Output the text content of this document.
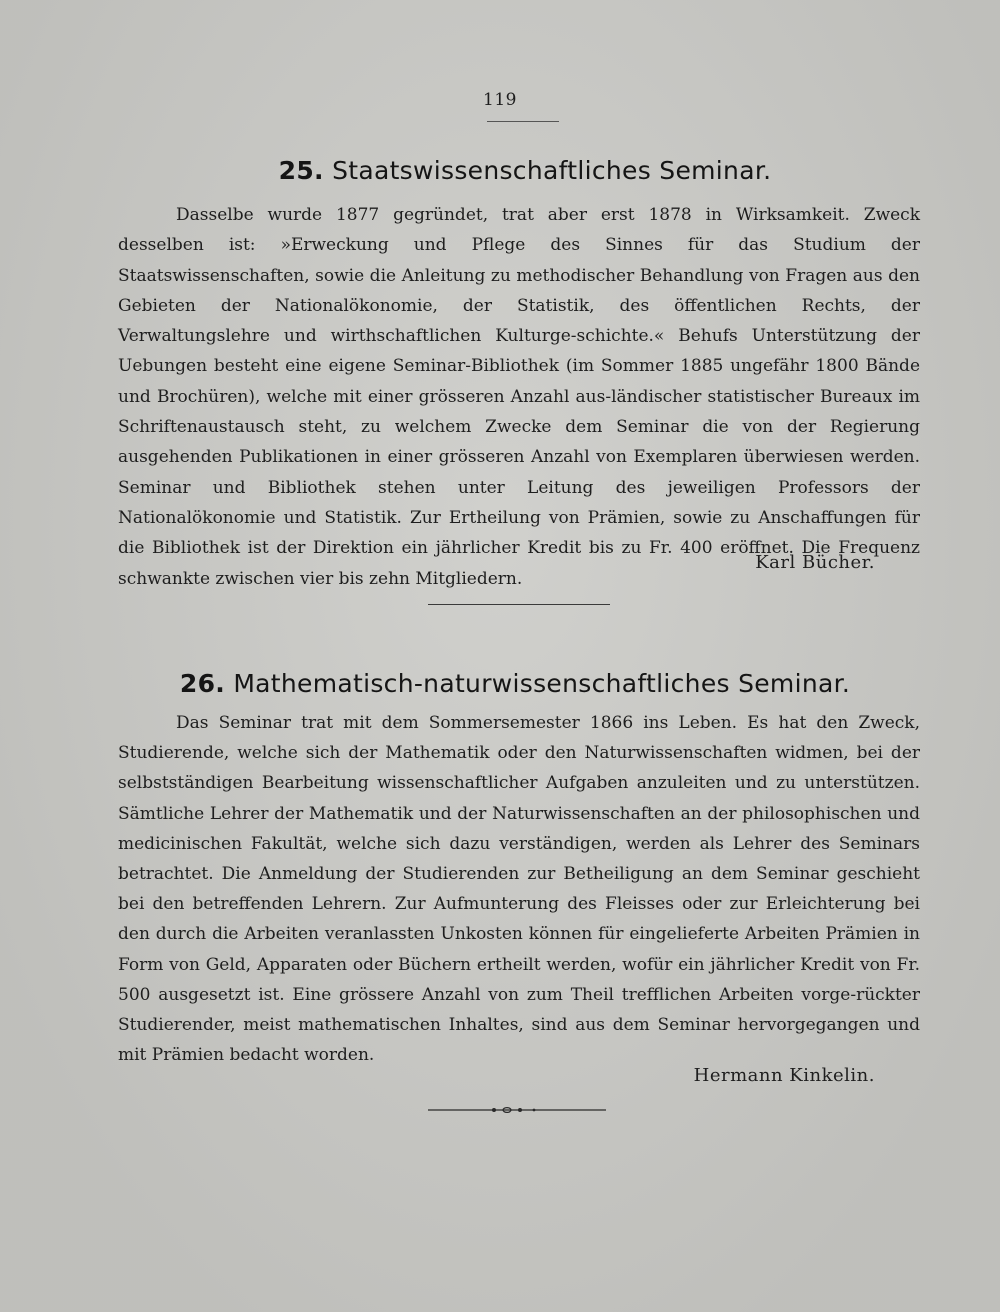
119
25. Staatswissenschaftliches Seminar.

Dasselbe wurde 1877 gegründet, trat aber erst 1878 in Wirksamkeit. Zweck desselben ist: »Erweckung und Pflege des Sinnes für das Studium der Staatswissenschaften, sowie die Anleitung zu methodischer Behandlung von Fragen aus den Gebieten der Nationalökonomie, der Statistik, des öffentlichen Rechts, der Verwaltungslehre und wirthschaftlichen Kulturge-schichte.« Behufs Unterstützung der Uebungen besteht eine eigene Seminar-Bibliothek (im Sommer 1885 ungefähr 1800 Bände und Brochüren), welche mit einer grösseren Anzahl aus-ländischer statistischer Bureaux im Schriftenaustausch steht, zu welchem Zwecke dem Seminar die von der Regierung ausgehenden Publikationen in einer grösseren Anzahl von Exemplaren überwiesen werden. Seminar und Bibliothek stehen unter Leitung des jeweiligen Professors der Nationalökonomie und Statistik. Zur Ertheilung von Prämien, sowie zu Anschaffungen für die Bibliothek ist der Direktion ein jährlicher Kredit bis zu Fr. 400 eröffnet. Die Frequenz schwankte zwischen vier bis zehn Mitgliedern.

Karl Bücher.
26. Mathematisch-naturwissenschaftliches Seminar.

Das Seminar trat mit dem Sommersemester 1866 ins Leben. Es hat den Zweck, Studierende, welche sich der Mathematik oder den Naturwissenschaften widmen, bei der selbstständigen Bearbeitung wissenschaftlicher Aufgaben anzuleiten und zu unterstützen. Sämtliche Lehrer der Mathematik und der Naturwissenschaften an der philosophischen und medicinischen Fakultät, welche sich dazu verständigen, werden als Lehrer des Seminars betrachtet. Die Anmeldung der Studierenden zur Betheiligung an dem Seminar geschieht bei den betreffenden Lehrern. Zur Aufmunterung des Fleisses oder zur Erleichterung bei den durch die Arbeiten veranlassten Unkosten können für eingelieferte Arbeiten Prämien in Form von Geld, Apparaten oder Büchern ertheilt werden, wofür ein jährlicher Kredit von Fr. 500 ausgesetzt ist. Eine grössere Anzahl von zum Theil trefflichen Arbeiten vorge-rückter Studierender, meist mathematischen Inhaltes, sind aus dem Seminar hervorgegangen und mit Prämien bedacht worden.

Hermann Kinkelin.
